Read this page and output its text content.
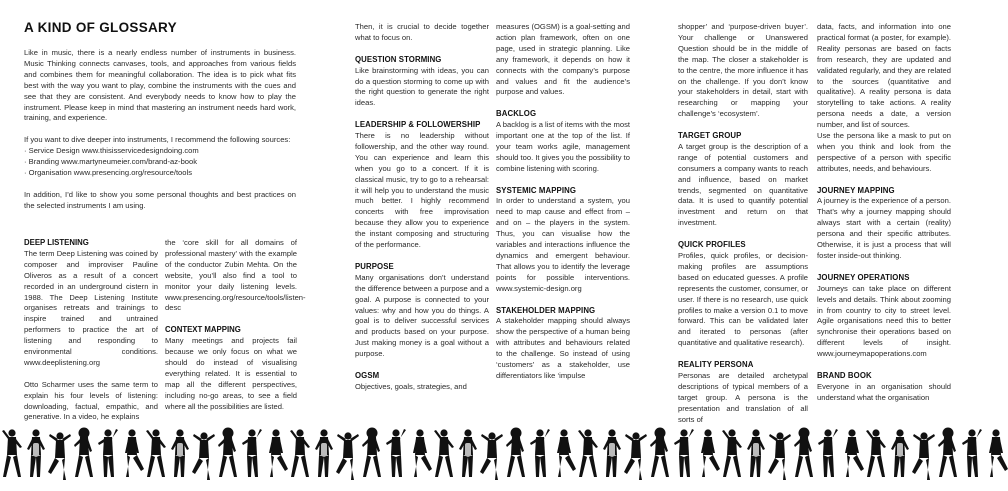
A KIND OF GLOSSARY

Like in music, there is a nearly endless number of instruments in business. Music Thinking connects canvases, tools, and approaches from various fields and combines them for meaningful collaboration. The idea is to pick what fits best with the way you want to play, combine the instruments with the cues and see that they are consistent. And everybody needs to know how to play the instrument. Please keep in mind that mastering an instrument needs hard work, training, and experience.

If you want to dive deeper into instruments, I recommend the following sources:

· Service Design www.thisisservicedesigndoing.com
· Branding www.martyneumeier.com/brand-az-book
· Organisation www.presencing.org/resource/tools

In addition, I’d like to show you some personal thoughts and best practices on the selected instruments I am using.

DEEP LISTENING

The term Deep Listening was coined by composer and improviser Pauline Oliveros as a result of a concert recorded in an underground cistern in 1988. The Deep Listening Institute organises retreats and trainings to inspire trained and untrained performers to practice the art of listening and responding to environmental conditions. www.deeplistening.org

Otto Scharmer uses the same term to explain his four levels of listening: downloading, factual, empathic, and generative. In a video, he explains

the ‘core skill for all domains of professional mastery’ with the example of the conductor Zubin Mehta. On the website, you’ll also find a tool to monitor your daily listening levels. www.presencing.org/resource/tools/listen-desc

CONTEXT MAPPING

Many meetings and projects fail because we only focus on what we should do instead of visualising everything related. It is essential to map all the different perspectives, including no-go areas, to see a field where all the possibilities are listed.

Then, it is crucial to decide together what to focus on.

QUESTION STORMING

Like brainstorming with ideas, you can do a question storming to come up with the right question to generate the right ideas.

LEADERSHIP & FOLLOWERSHIP

There is no leadership without followership, and the other way round. You can experience and learn this when you go to a concert. If it is classical music, try to go to a rehearsal: it will help you to understand the music much better. I highly recommend concerts with free improvisation because they allow you to experience the instant composing and structuring of the performance.

PURPOSE

Many organisations don’t understand the difference between a purpose and a goal. A purpose is connected to your values: why and how you do things. A goal is to deliver successful services and products based on your purpose. Just making money is a goal without a purpose.

OGSM

Objectives, goals, strategies, and

measures (OGSM) is a goal-setting and action plan framework, often on one page, used in strategic planning. Like any framework, it depends on how it connects with the company’s purpose and values and fit the audience’s purpose and values.

BACKLOG

A backlog is a list of items with the most important one at the top of the list. If your team works agile, management should too. It gives you the possibility to combine listening with scoring.

SYSTEMIC MAPPING

In order to understand a system, you need to map cause and effect from – and on – the players in the system. Thus, you can visualise how the variables and interactions influence the dynamics and emergent behaviour. That allows you to identify the leverage points for possible interventions. www.systemic-design.org

STAKEHOLDER MAPPING

A stakeholder mapping should always show the perspective of a human being with attributes and behaviours related to the challenge. So instead of using ‘customers’ as a stakeholder, use differentiators like ‘impulse

shopper’ and ‘purpose-driven buyer’. Your challenge or Unanswered Question should be in the middle of the map. The closer a stakeholder is to the centre, the more influence it has on the challenge. If you don’t know your stakeholders in detail, start with researching or mapping your challenge’s ‘ecosystem’.

TARGET GROUP

A target group is the description of a range of potential customers and consumers a company wants to reach and influence, based on market trends, segmented on quantitative data. It is used to quantify potential investment and return on that investment.

QUICK PROFILES

Profiles, quick profiles, or decision-making profiles are assumptions based on educated guesses. A profile represents the customer, consumer, or user. If there is no research, use quick profiles to make a version 0.1 to move forward. This can be validated later and iterated to personas (after quantitative and qualitative research).

REALITY PERSONA

Personas are detailed archetypal descriptions of typical members of a target group. A persona is the presentation and translation of all sorts of

data, facts, and information into one practical format (a poster, for example). Reality personas are based on facts from research, they are updated and validated regularly, and they are related to the sources (quantitative and qualitative). A reality persona is data storytelling to take actions. A reality persona needs a date, a version number, and list of sources.

Use the persona like a mask to put on when you think and look from the perspective of a person with specific attributes, needs, and behaviours.

JOURNEY MAPPING

A journey is the experience of a person. That’s why a journey mapping should always start with a certain (reality) persona and their specific attributes. Otherwise, it is just a process that will foster inside-out thinking.

JOURNEY OPERATIONS

Journeys can take place on different levels and details. Think about zooming in from country to city to street level. Agile organisations need this to better synchronise their operations based on different levels of insight. www.journeymapoperations.com

BRAND BOOK

Everyone in an organisation should understand what the organisation
